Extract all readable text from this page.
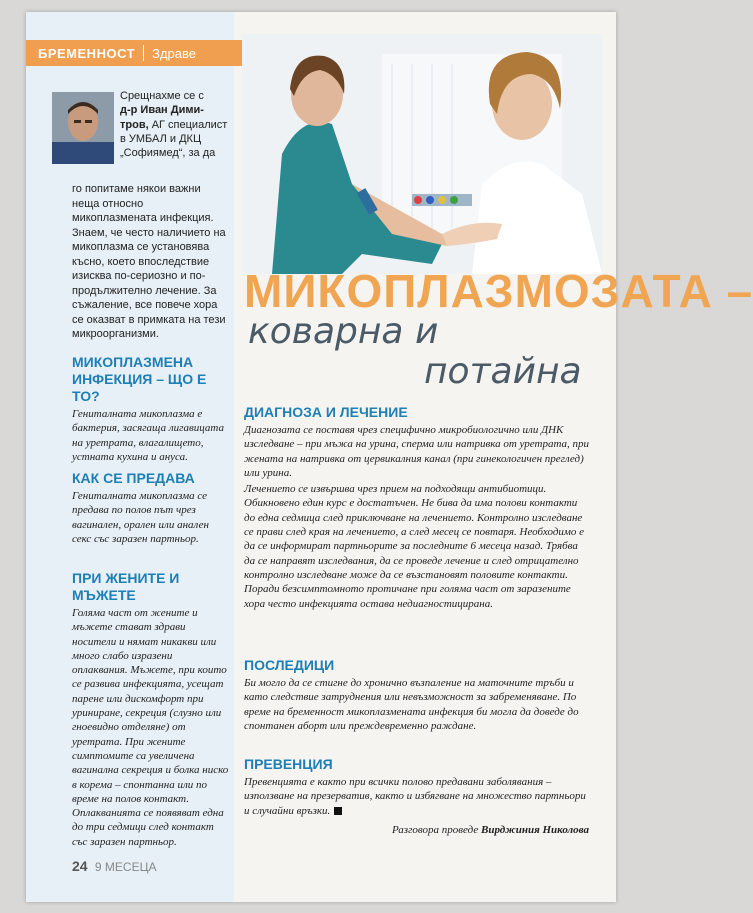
БРЕМЕННОСТ Здраве
Срещнахме се с
д-р Иван Дими-
тров, АГ специалист
в УМБАЛ и ДКЦ
„Софиямед“, за да
го попитаме някои важни неща относно микоплазмената инфекция. Знаем, че често наличието на микоплазма се установява късно, което впоследствие изисква по-сериозно и по-продължително лечение. За съжаление, все повече хора се оказват в примката на тези микроорганизми.

МИКОПЛАЗМЕНА ИНФЕКЦИЯ – ЩО Е ТО?

Гениталната микоплазма е бактерия, засягаща лигавицата на уретрата, влагалището, устната кухина и ануса.

КАК СЕ ПРЕДАВА

Гениталната микоплазма се предава по полов път чрез вагинален, орален или анален секс със заразен партньор.

ПРИ ЖЕНИТЕ И МЪЖЕТЕ

Голяма част от жените и мъжете стават здрави носители и нямат никакви или много слабо изразени оплаквания. Мъжете, при които се развива инфекцията, усещат парене или дискомфорт при уриниране, секреция (слузно или гноевидно отделяне) от уретрата. При жените симптомите са увеличена вагинална секреция и болка ниско в корема – спонтанна или по време на полов контакт. Оплакванията се появяват една до три седмици след контакт със заразен партньор.

МИКОПЛАЗМОЗАТА –
коварна и
потайна

ДИАГНОЗА И ЛЕЧЕНИЕ

Диагнозата се поставя чрез специфично микробиологично или ДНК изследване – при мъжа на урина, сперма или натривка от уретрата, при жената на натривка от цервикалния канал (при гинекологичен преглед) или урина.

Лечението се извършва чрез прием на подходящи антибиотици. Обикновено един курс е достатъчен. Не бива да има полови контакти до една седмица след приключване на лечението. Контролно изследване се прави след края на лечението, а след месец се повтаря. Необходимо е да се информират партньорите за последните 6 месеца назад. Трябва да се направят изследвания, да се проведе лечение и след отрицателно контролно изследване може да се възстановят половите контакти. Поради безсимптомното протичане при голяма част от заразените хора често инфекцията остава недиагностицирана.

ПОСЛЕДИЦИ

Би могло да се стигне до хронично възпаление на маточните тръби и като следствие затруднения или невъзможност за забременяване. По време на бременност микоплазмената инфекция би могла да доведе до спонтанен аборт или преждевременно раждане.

ПРЕВЕНЦИЯ

Превенцията е както при всички полово предавани заболявания – използване на презерватив, както и избягване на множество партньори и случайни връзки.

Разговора проведе Вирджиния Николова
24 9 МЕСЕЦА
